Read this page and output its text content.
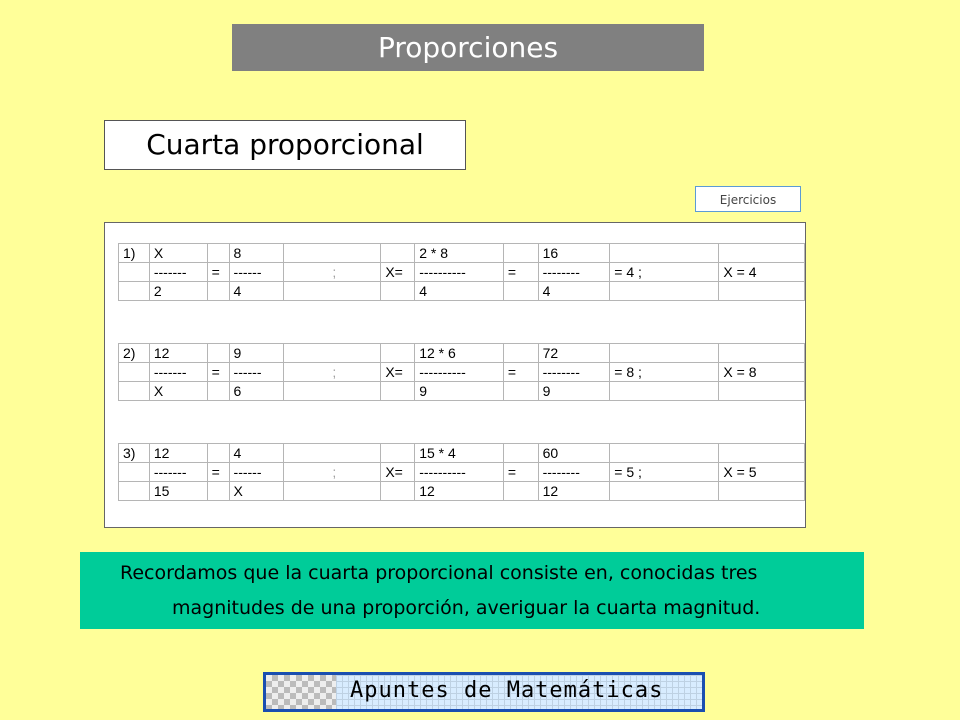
Proporciones
Cuarta proporcional
Ejercicios
1)	X		8			2 * 8		16		
	-------	=	------	;	X=	----------	=	--------	= 4 ;	X = 4
	2		4			4		4		
2)	12		9			12 * 6		72		
	-------	=	------	;	X=	----------	=	--------	= 8 ;	X = 8
	X		6			9		9		
3)	12		4			15 * 4		60		
	-------	=	------	;	X=	----------	=	--------	= 5 ;	X = 5
	15		X			12		12		
Recordamos que la cuarta proporcional consiste en, conocidas tres
magnitudes de una proporción, averiguar la cuarta magnitud.
Apuntes de Matemáticas
